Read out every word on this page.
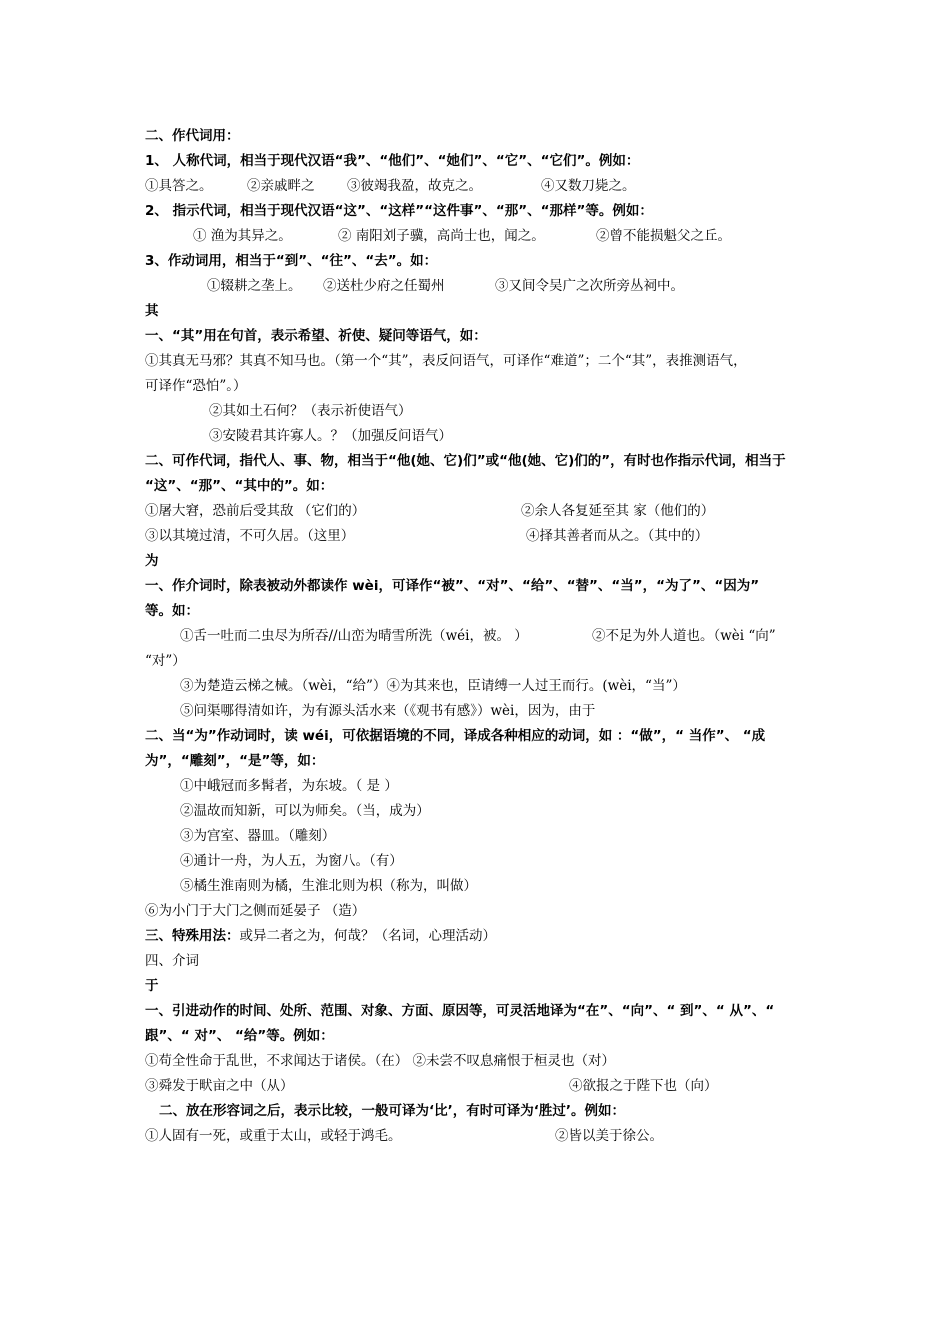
二、作代词用：
1、 人称代词，相当于现代汉语“我”、“他们”、“她们”、“它”、“它们”。例如：
①具答之。	②亲戚畔之 ③彼竭我盈，故克之。	④又数刀毙之。
2、 指示代词，相当于现代汉语“这”、“这样”“这件事”、“那”、“那样”等。例如：
① 渔为其异之。	② 南阳刘子骥，高尚士也，闻之。	②曾不能损魁父之丘。
3、作动词用，相当于“到”、“往”、“去”。如：
①辍耕之垄上。 ②送杜少府之任蜀州	③又间令吴广之次所旁丛祠中。
其
一、“其”用在句首，表示希望、祈使、疑问等语气，如：
①其真无马邪？其真不知马也。（第一个“其”，表反问语气，可译作“难道”；二个“其”，表推测语气，
可译作“恐怕”。）
②其如土石何？（表示祈使语气）
③安陵君其许寡人。？（加强反问语气）
二、可作代词，指代人、事、物，相当于“他(她、它)们”或“他(她、它)们的”，有时也作指示代词，相当于
“这”、“那”、“其中的”。如：
①屠大窘，恐前后受其敌 （它们的）	②余人各复延至其 家（他们的）
③以其境过清，不可久居。（这里）	④择其善者而从之。（其中的）
为
一、作介词时，除表被动外都读作 wèi，可译作“被”、“对”、“给”、“替”、“当”，“为了”、“因为”
等。如：
①舌一吐而二虫尽为所吞//山峦为晴雪所洗（wéi，被。 ）	②不足为外人道也。（wèi “向”
“对”）
③为楚造云梯之械。（wèi，“给”）④为其来也，臣请缚一人过王而行。(wèi，“当”）
⑤问渠哪得清如许，为有源头活水来（《观书有感》）wèi，因为，由于
二、当“为”作动词时，读 wéi，可依据语境的不同，译成各种相应的动词，如 ：“做”，“ 当作”、 “成
为”，“雕刻”，“是”等，如：
①中峨冠而多髯者，为东坡。（ 是 ）
②温故而知新，可以为师矣。（当，成为）
③为宫室、器皿。（雕刻）
④通计一舟，为人五，为窗八。（有）
⑤橘生淮南则为橘，生淮北则为枳（称为，叫做）
⑥为小门于大门之侧而延晏子 （造）
三、特殊用法：或异二者之为，何哉？（名词，心理活动）
四、介词
于
一、引进动作的时间、处所、范围、对象、方面、原因等，可灵活地译为“在”、“向”、“ 到”、“ 从”、“
跟”、“ 对”、 “给”等。例如：
①苟全性命于乱世，不求闻达于诸侯。（在） ②未尝不叹息痛恨于桓灵也（对）
③舜发于畎亩之中（从）	④欲报之于陛下也（向）
二、放在形容词之后，表示比较，一般可译为‘比’，有时可译为‘胜过’。例如：
①人固有一死，或重于太山，或轻于鸿毛。	②皆以美于徐公。
